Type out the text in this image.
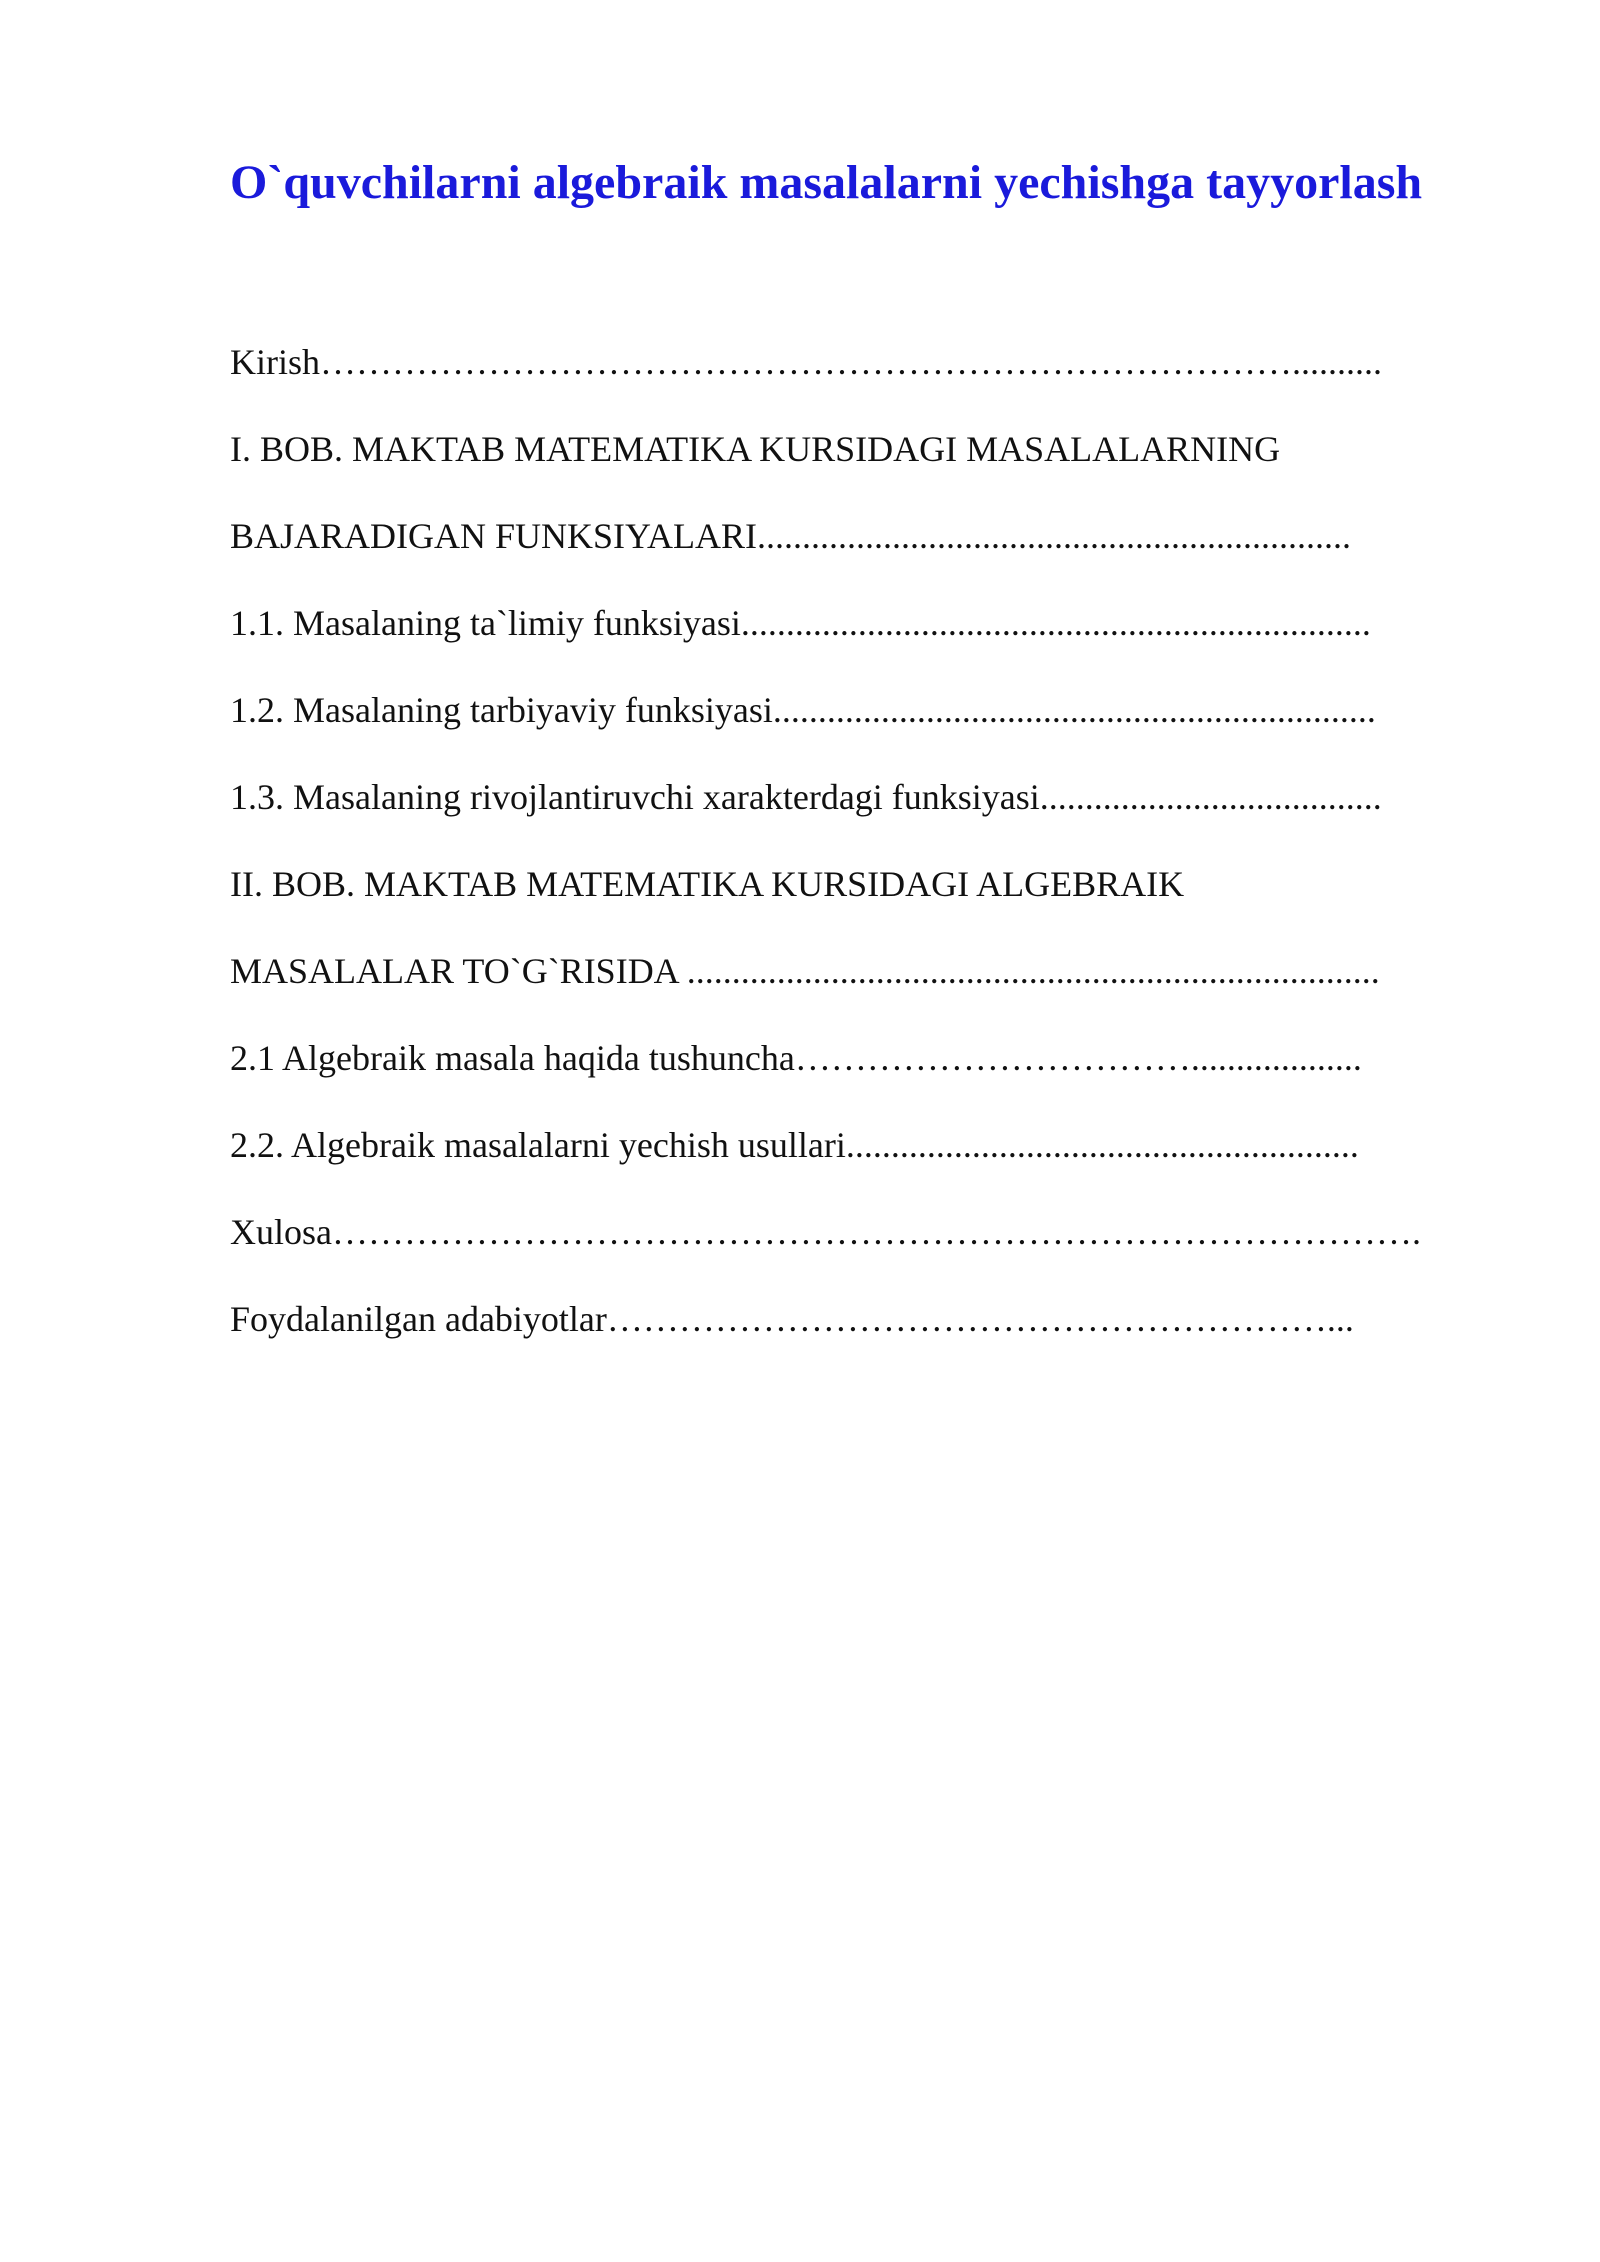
O`quvchilarni algebraik masalalarni yechishga tayyorlash
Kirish………………………………………………………………………..........
I. BOB. MAKTAB MATEMATIKA KURSIDAGI MASALALARNING
BAJARADIGAN FUNKSIYALARI..................................................................
1.1. Masalaning ta`limiy funksiyasi......................................................................
1.2. Masalaning tarbiyaviy funksiyasi...................................................................
1.3. Masalaning rivojlantiruvchi xarakterdagi funksiyasi......................................
II. BOB. MAKTAB MATEMATIKA KURSIDAGI ALGEBRAIK
MASALALAR TO`G`RISIDA .............................................................................
2.1 Algebraik masala haqida tushuncha……………………………...................
2.2. Algebraik masalalarni yechish usullari.........................................................
Xulosa……………………………………………………………………………….
Foydalanilgan adabiyotlar……………………………………………………...
